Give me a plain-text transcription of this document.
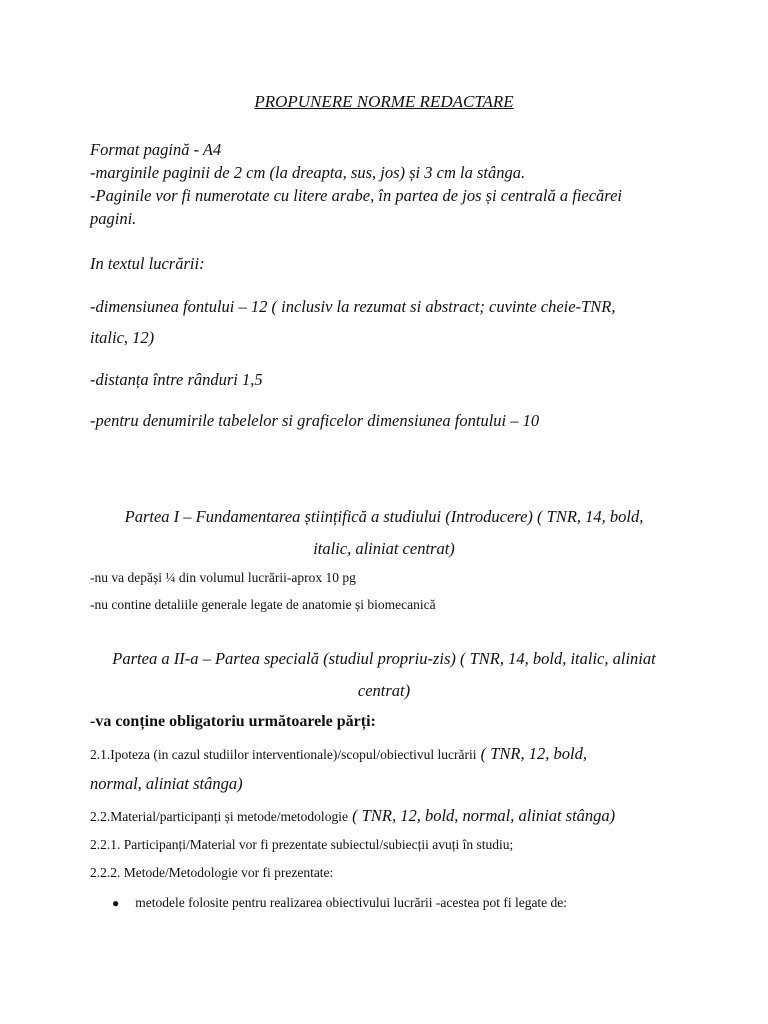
PROPUNERE NORME REDACTARE
Format pagină - A4
-marginile paginii de 2 cm (la dreapta, sus, jos) și 3 cm la stânga.
-Paginile vor fi numerotate cu litere arabe, în partea de jos și centrală a fiecărei
pagini.
In textul lucrării:
-dimensiunea fontului – 12 ( inclusiv la rezumat si abstract; cuvinte cheie-TNR,
italic, 12)
-distanța între rânduri 1,5
-pentru denumirile tabelelor si graficelor dimensiunea fontului – 10
Partea I – Fundamentarea științifică a studiului (Introducere) ( TNR, 14, bold,
italic, aliniat centrat)
-nu va depăși ¼ din volumul lucrării-aprox 10 pg
-nu contine detaliile generale legate de anatomie și biomecanică
Partea a II-a – Partea specială (studiul propriu-zis) ( TNR, 14, bold, italic, aliniat
centrat)
-va conține obligatoriu următoarele părți:
2.1.Ipoteza (in cazul studiilor interventionale)/scopul/obiectivul lucrării ( TNR, 12, bold,
normal, aliniat stânga)
2.2.Material/participanți și metode/metodologie ( TNR, 12, bold, normal, aliniat stânga)
2.2.1. Participanți/Material vor fi prezentate subiectul/subiecții avuți în studiu;
2.2.2. Metode/Metodologie vor fi prezentate:
● metodele folosite pentru realizarea obiectivului lucrării -acestea pot fi legate de:
